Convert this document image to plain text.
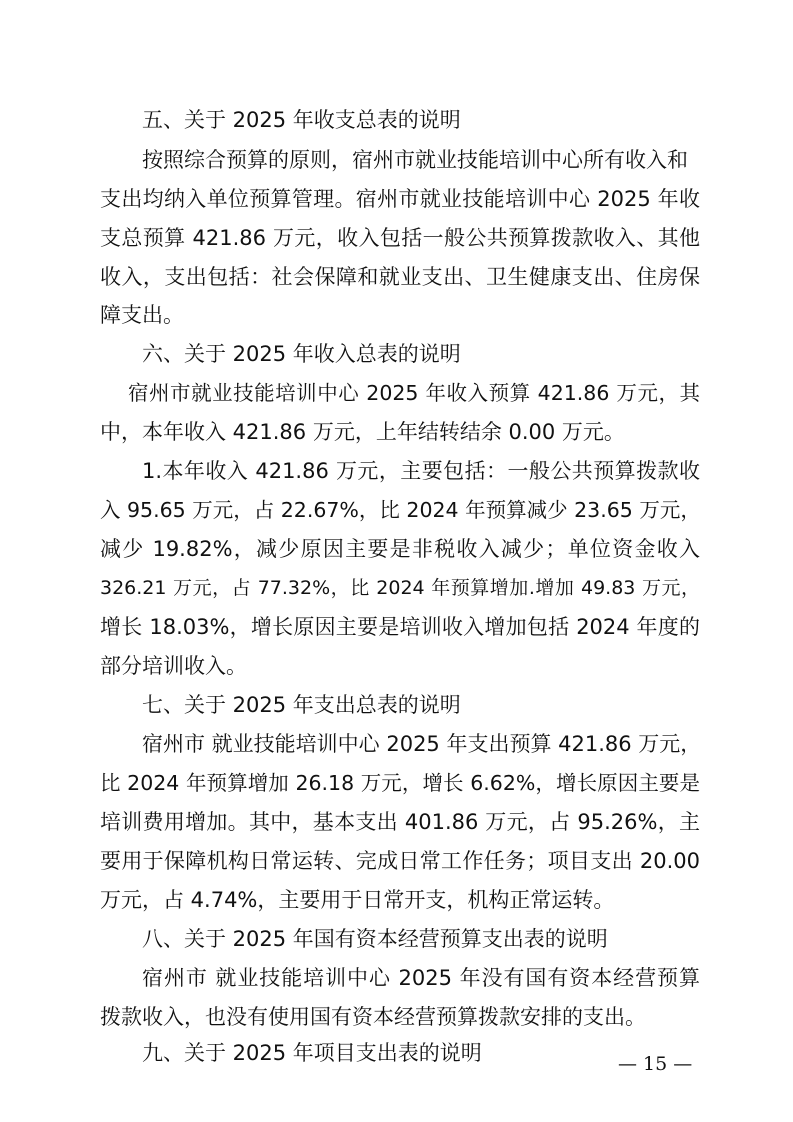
五、关于 2025 年收支总表的说明
按照综合预算的原则，宿州市就业技能培训中心所有收入和
支出均纳入单位预算管理。宿州市就业技能培训中心 2025 年收
支总预算 421.86 万元，收入包括一般公共预算拨款收入、其他
收入，支出包括：社会保障和就业支出、卫生健康支出、住房保
障支出。
六、关于 2025 年收入总表的说明
宿州市就业技能培训中心 2025 年收入预算 421.86 万元，其
中，本年收入 421.86 万元，上年结转结余 0.00 万元。
1.本年收入 421.86 万元，主要包括：一般公共预算拨款收
入 95.65 万元，占 22.67%，比 2024 年预算减少 23.65 万元，
减少 19.82%，减少原因主要是非税收入减少；单位资金收入
326.21 万元，占 77.32%，比 2024 年预算增加.增加 49.83 万元，
增长 18.03%，增长原因主要是培训收入增加包括 2024 年度的
部分培训收入。
七、关于 2025 年支出总表的说明
宿州市 就业技能培训中心 2025 年支出预算 421.86 万元，
比 2024 年预算增加 26.18 万元，增长 6.62%，增长原因主要是
培训费用增加。其中，基本支出 401.86 万元，占 95.26%，主
要用于保障机构日常运转、完成日常工作任务；项目支出 20.00
万元，占 4.74%，主要用于日常开支，机构正常运转。
八、关于 2025 年国有资本经营预算支出表的说明
宿州市 就业技能培训中心 2025 年没有国有资本经营预算
拨款收入，也没有使用国有资本经营预算拨款安排的支出。
九、关于 2025 年项目支出表的说明	— 15 —
